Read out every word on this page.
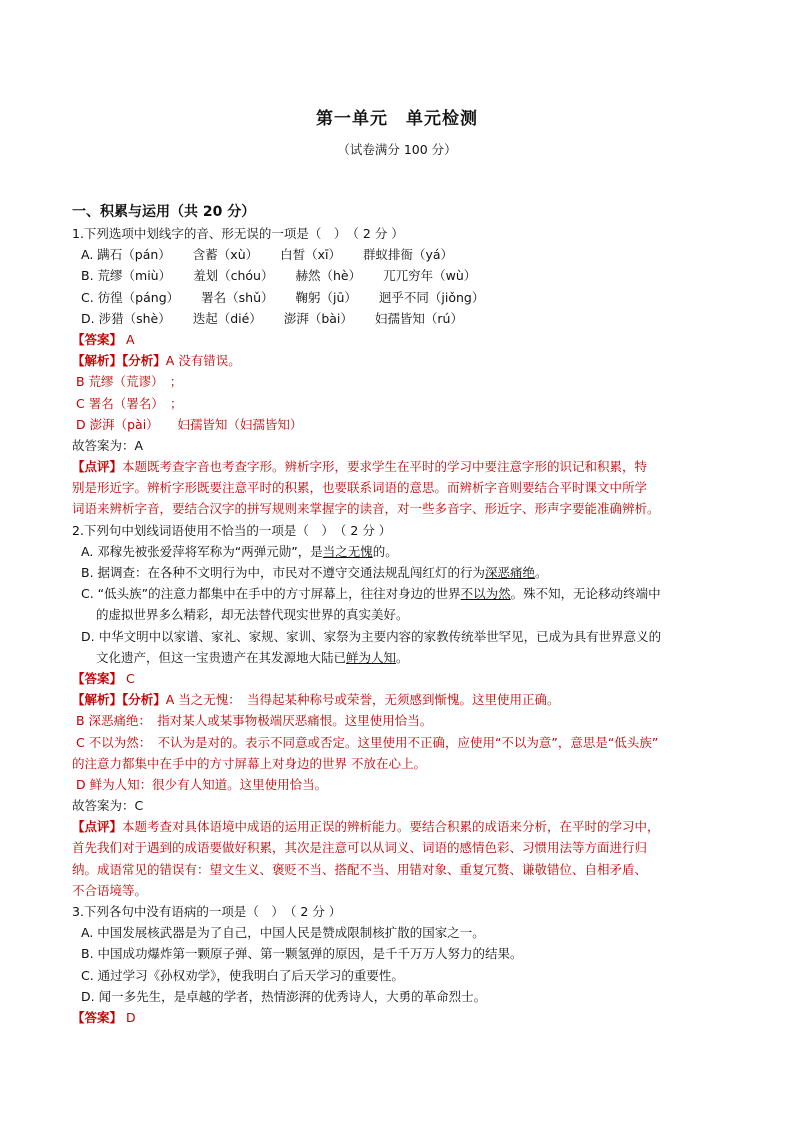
第一单元　单元检测
（试卷满分 100 分）
一、积累与运用（共 20 分）
1.下列选项中划线字的音、形无误的一项是（　）　（ 2 分 ）
A. 蹒石（pán） 含蓄（xù） 白皙（xī） 群蚁排衙（yá）
B. 荒缪（miù） 羞划（chóu） 赫然（hè） 兀兀穷年（wù）
C. 彷徨（páng） 署名（shǔ） 鞠躬（jū） 迥乎不同（jiǒng）
D. 涉猎（shè） 迭起（dié） 澎湃（bài） 妇孺皆知（rú）
【答案】 A
【解析】【分析】A 没有错误。
B 荒缪（荒谬）　；
C 署名（署名）　；
D 澎湃（pài）　　妇孺皆知（妇孺皆知）
故答案为：A
【点评】本题既考查字音也考查字形。辨析字形，要求学生在平时的学习中要注意字形的识记和积累，特
别是形近字。辨析字形既要注意平时的积累，也要联系词语的意思。而辨析字音则要结合平时课文中所学
词语来辨析字音，要结合汉字的拼写规则来掌握字的读音，对一些多音字、形近字、形声字要能准确辨析。
2.下列句中划线词语使用不恰当的一项是（　）　（ 2 分 ）
A. 邓稼先被张爱萍将军称为“两弹元勋”，是当之无愧的。
B. 据调查：在各种不文明行为中，市民对不遵守交通法规乱闯红灯的行为深恶痛绝。
C. “低头族”的注意力都集中在手中的方寸屏幕上，往往对身边的世界不以为然。殊不知，无论移动终端中
的虚拟世界多么精彩，却无法替代现实世界的真实美好。
D. 中华文明中以家谱、家礼、家规、家训、家祭为主要内容的家教传统举世罕见，已成为具有世界意义的
文化遗产，但这一宝贵遗产在其发源地大陆已鲜为人知。
【答案】 C
【解析】【分析】A 当之无愧：　当得起某种称号或荣誉，无须感到惭愧。这里使用正确。
B 深恶痛绝：　指对某人或某事物极端厌恶痛恨。这里使用恰当。
C 不以为然：　不认为是对的。表示不同意或否定。这里使用不正确，应使用“不以为意”，意思是“低头族”
的注意力都集中在手中的方寸屏幕上对身边的世界 不放在心上。
D 鲜为人知：很少有人知道。这里使用恰当。
故答案为：C
【点评】本题考查对具体语境中成语的运用正误的辨析能力。要结合积累的成语来分析，在平时的学习中，
首先我们对于遇到的成语要做好积累，其次是注意可以从词义、词语的感情色彩、习惯用法等方面进行归
纳。成语常见的错误有：望文生义、褒贬不当、搭配不当、用错对象、重复冗赘、谦敬错位、自相矛盾、
不合语境等。
3.下列各句中没有语病的一项是（　）　（ 2 分 ）
A. 中国发展核武器是为了自己，中国人民是赞成限制核扩散的国家之一。
B. 中国成功爆炸第一颗原子弹、第一颗氢弹的原因，是千千万万人努力的结果。
C. 通过学习《孙权劝学》，使我明白了后天学习的重要性。
D. 闻一多先生，是卓越的学者，热情澎湃的优秀诗人，大勇的革命烈士。
【答案】 D
